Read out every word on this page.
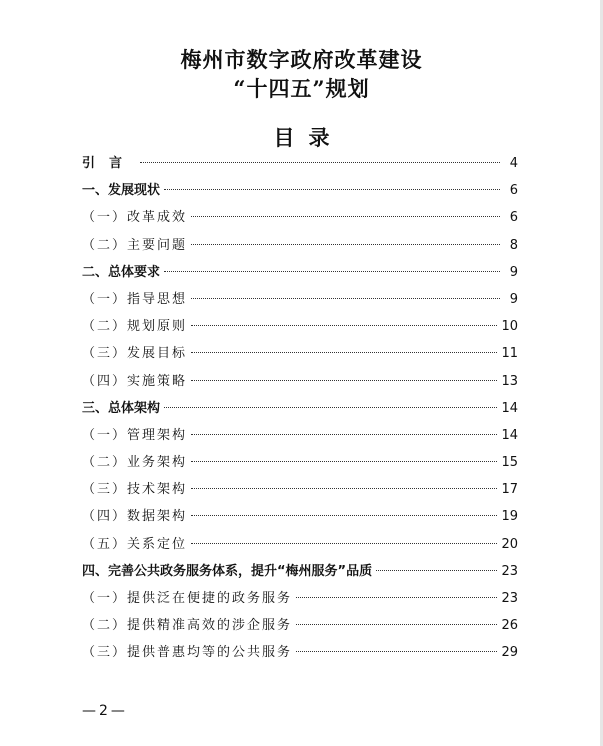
梅州市数字政府改革建设
“十四五”规划
目录
引言	4
一、发展现状	6
（一）改革成效	6
（二）主要问题	8
二、总体要求	9
（一）指导思想	9
（二）规划原则	10
（三）发展目标	11
（四）实施策略	13
三、总体架构	14
（一）管理架构	14
（二）业务架构	15
（三）技术架构	17
（四）数据架构	19
（五）关系定位	20
四、完善公共政务服务体系，提升“梅州服务”品质	23
（一）提供泛在便捷的政务服务	23
（二）提供精准高效的涉企服务	26
（三）提供普惠均等的公共服务	29
—2—
